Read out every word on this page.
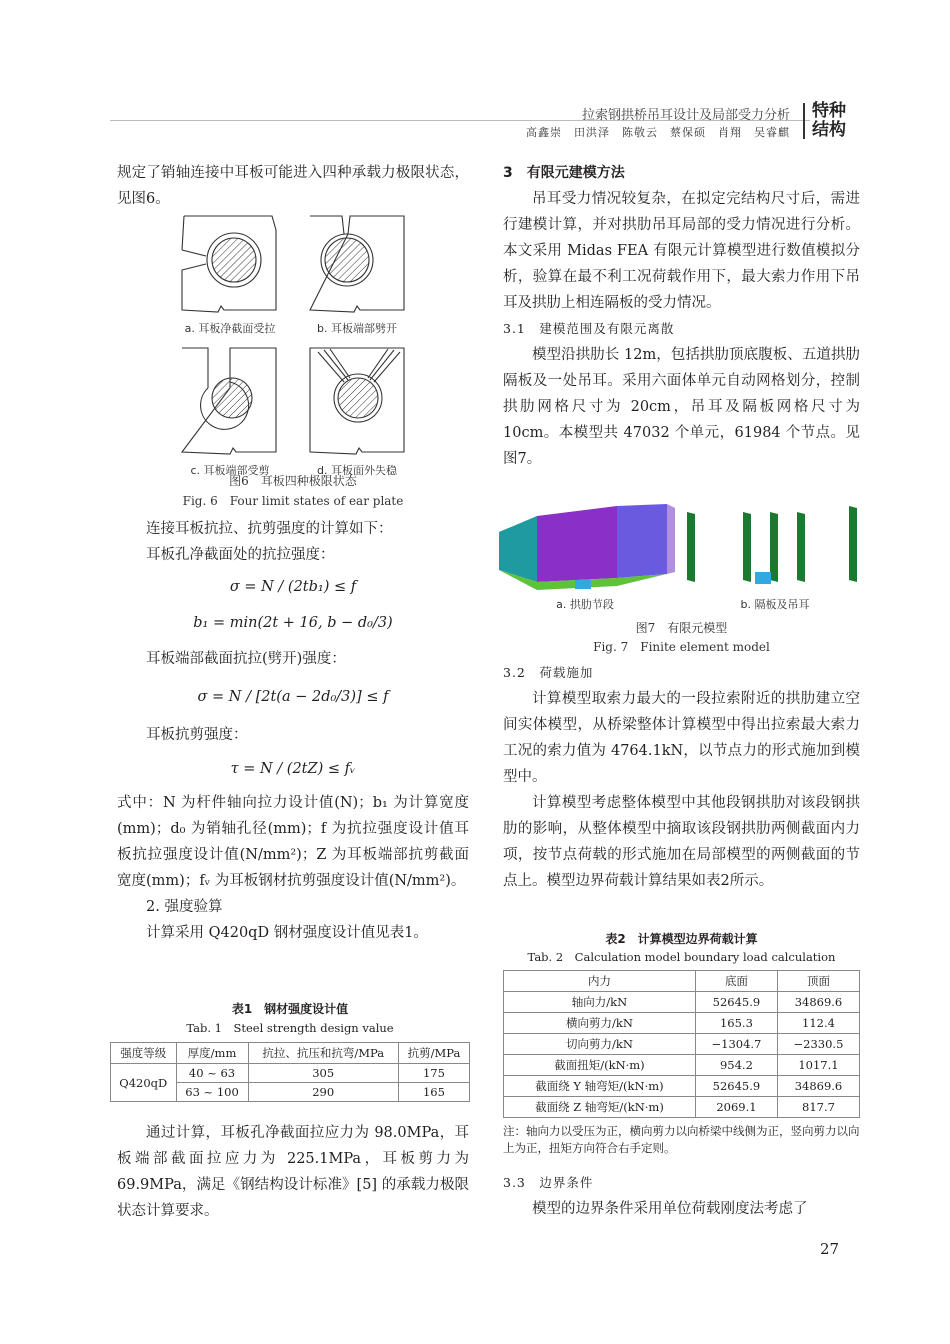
拉索钢拱桥吊耳设计及局部受力分析
高鑫崇　田洪泽　陈敬云　蔡保硕　肖翔　吴睿麒
特种
结构

规定了销轴连接中耳板可能进入四种承载力极限状态，见图6。

a. 耳板净截面受拉	b. 耳板端部劈开
c. 耳板端部受剪	d. 耳板面外失稳
图6　耳板四种极限状态
Fig. 6　Four limit states of ear plate

连接耳板抗拉、抗剪强度的计算如下：

耳板孔净截面处的抗拉强度：

σ = N / (2tb₁) ≤ f

b₁ = min(2t + 16, b − d₀/3)

耳板端部截面抗拉(劈开)强度：

σ = N / [2t(a − 2d₀/3)] ≤ f

耳板抗剪强度：

τ = N / (2tZ) ≤ fᵥ

式中：N 为杆件轴向拉力设计值(N)；b₁ 为计算宽度(mm)；d₀ 为销轴孔径(mm)；f 为抗拉强度设计值耳板抗拉强度设计值(N/mm²)；Z 为耳板端部抗剪截面宽度(mm)；fᵥ 为耳板钢材抗剪强度设计值(N/mm²)。

2. 强度验算

计算采用 Q420qD 钢材强度设计值见表1。

表1　钢材强度设计值
Tab. 1　Steel strength design value
强度等级	厚度/mm	抗拉、抗压和抗弯/MPa	抗剪/MPa
Q420qD	40 ~ 63	305	175
	63 ~ 100	290	165

通过计算，耳板孔净截面拉应力为 98.0MPa，耳板端部截面拉应力为 225.1MPa，耳板剪力为 69.9MPa，满足《钢结构设计标准》[5] 的承载力极限状态计算要求。

3　有限元建模方法

吊耳受力情况较复杂，在拟定完结构尺寸后，需进行建模计算，并对拱肋吊耳局部的受力情况进行分析。本文采用 Midas FEA 有限元计算模型进行数值模拟分析，验算在最不利工况荷载作用下，最大索力作用下吊耳及拱肋上相连隔板的受力情况。

3.1　建模范围及有限元离散

模型沿拱肋长 12m，包括拱肋顶底腹板、五道拱肋隔板及一处吊耳。采用六面体单元自动网格划分，控制拱肋网格尺寸为 20cm，吊耳及隔板网格尺寸为 10cm。本模型共 47032 个单元，61984 个节点。见图7。

a. 拱肋节段	b. 隔板及吊耳
图7　有限元模型
Fig. 7　Finite element model

3.2　荷载施加

计算模型取索力最大的一段拉索附近的拱肋建立空间实体模型，从桥梁整体计算模型中得出拉索最大索力工况的索力值为 4764.1kN，以节点力的形式施加到模型中。

计算模型考虑整体模型中其他段钢拱肋对该段钢拱肋的影响，从整体模型中摘取该段钢拱肋两侧截面内力项，按节点荷载的形式施加在局部模型的两侧截面的节点上。模型边界荷载计算结果如表2所示。

表2　计算模型边界荷载计算
Tab. 2　Calculation model boundary load calculation
内力	底面	顶面
轴向力/kN	52645.9	34869.6
横向剪力/kN	165.3	112.4
切向剪力/kN	−1304.7	−2330.5
截面扭矩/(kN·m)	954.2	1017.1
截面绕 Y 轴弯矩/(kN·m)	52645.9	34869.6
截面绕 Z 轴弯矩/(kN·m)	2069.1	817.7
注：轴向力以受压为正，横向剪力以向桥梁中线侧为正，竖向剪力以向上为正，扭矩方向符合右手定则。

3.3　边界条件

模型的边界条件采用单位荷载刚度法考虑了

27
